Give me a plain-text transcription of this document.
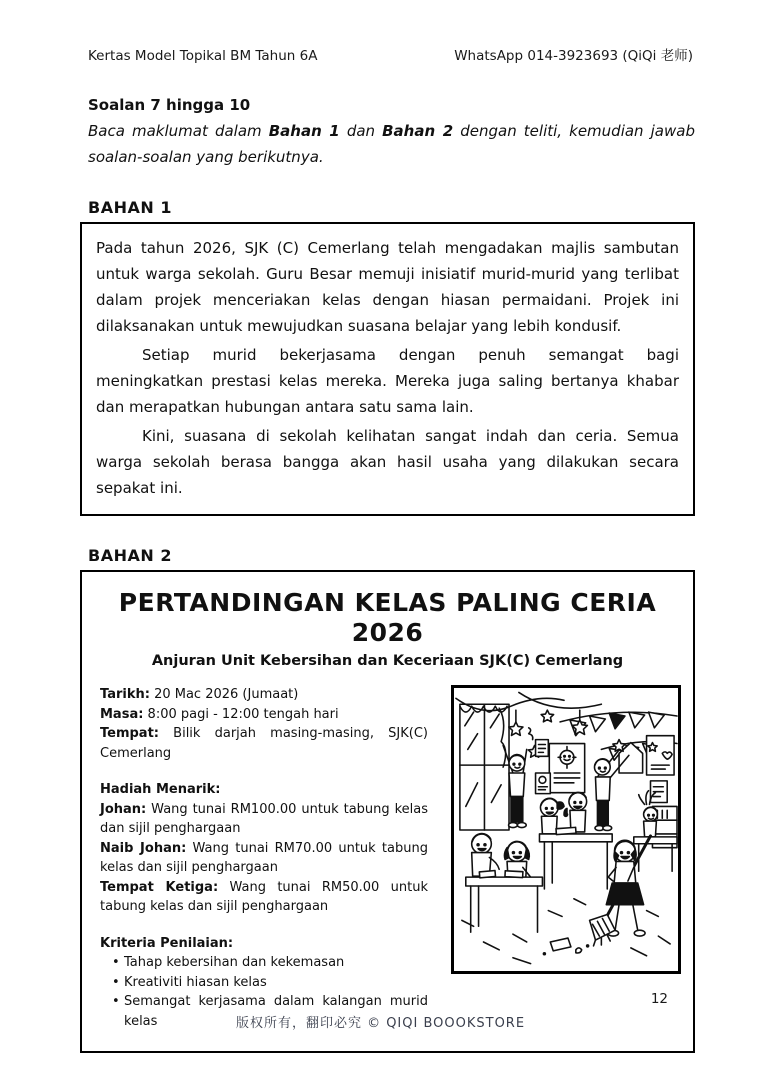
Kertas Model Topikal BM Tahun 6A	WhatsApp 014-3923693 (QiQi 老师)
Soalan 7 hingga 10

Baca maklumat dalam Bahan 1 dan Bahan 2 dengan teliti, kemudian jawab soalan-soalan yang berikutnya.

BAHAN 1

Pada tahun 2026, SJK (C) Cemerlang telah mengadakan majlis sambutan untuk warga sekolah. Guru Besar memuji inisiatif murid-murid yang terlibat dalam projek menceriakan kelas dengan hiasan permaidani. Projek ini dilaksanakan untuk mewujudkan suasana belajar yang lebih kondusif.

Setiap murid bekerjasama dengan penuh semangat bagi meningkatkan prestasi kelas mereka. Mereka juga saling bertanya khabar dan merapatkan hubungan antara satu sama lain.

Kini, suasana di sekolah kelihatan sangat indah dan ceria. Semua warga sekolah berasa bangga akan hasil usaha yang dilakukan secara sepakat ini.

BAHAN 2
PERTANDINGAN KELAS PALING CERIA 2026
Anjuran Unit Kebersihan dan Keceriaan SJK(C) Cemerlang
Tarikh: 20 Mac 2026 (Jumaat)
Masa: 8:00 pagi - 12:00 tengah hari
Tempat: Bilik darjah masing-masing, SJK(C) Cemerlang
Hadiah Menarik:
Johan: Wang tunai RM100.00 untuk tabung kelas dan sijil penghargaan
Naib Johan: Wang tunai RM70.00 untuk tabung kelas dan sijil penghargaan
Tempat Ketiga: Wang tunai RM50.00 untuk tabung kelas dan sijil penghargaan
Kriteria Penilaian:
• Tahap kebersihan dan kekemasan
• Kreativiti hiasan kelas
• Semangat kerjasama dalam kalangan murid kelas
12
版权所有，翻印必究 © QIQI BOOOKSTORE
